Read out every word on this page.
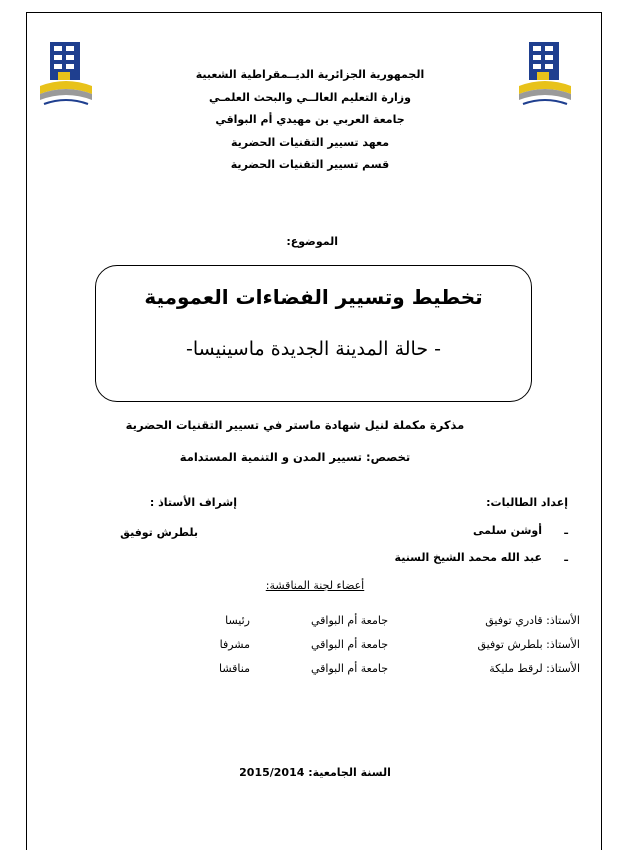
الجمهورية الجزائرية الديــمقراطية الشعبية
وزارة التعليم العالــي والبحث العلمـي
جامعة العربي بن مهيدي أم البواقي
معهد تسيير التقنيات الحضرية
قسم تسيير التقنيات الحضرية
الموضوع:
تخطيط وتسيير الفضاءات العمومية
- حالة المدينة الجديدة ماسينيسا-
مذكرة مكملة لنيل شهادة ماستر في تسيير التقنيات الحضرية
تخصص: تسيير المدن و التنمية المستدامة
إعداد الطالبات:
ـ
أوشن سلمى
ـ
عبد الله محمد الشيخ السنية
إشراف الأستاذ :
بلطرش توفيق
أعضاء لجنة المناقشة:
الأستاذ: قادري توفيق
جامعة أم البواقي
رئيسا
الأستاذ: بلطرش توفيق
جامعة أم البواقي
مشرفا
الأستاذ: لرقط مليكة
جامعة أم البواقي
مناقشا
السنة الجامعية: 2015/2014
